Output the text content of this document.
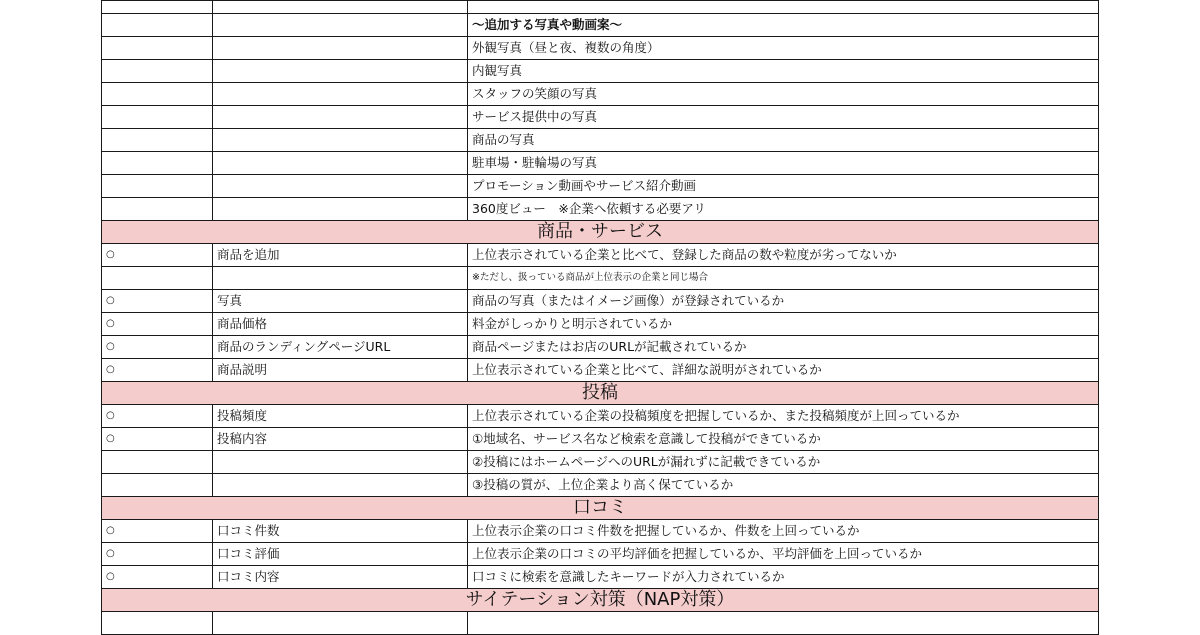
		～追加する写真や動画案～
		外観写真（昼と夜、複数の角度）
		内観写真
		スタッフの笑顔の写真
		サービス提供中の写真
		商品の写真
		駐車場・駐輪場の写真
		プロモーション動画やサービス紹介動画
		360度ビュー　※企業へ依頼する必要アリ
商品・サービス		
○	商品を追加	上位表示されている企業と比べて、登録した商品の数や粒度が劣ってないか
		※ただし、扱っている商品が上位表示の企業と同じ場合
○	写真	商品の写真（またはイメージ画像）が登録されているか
○	商品価格	料金がしっかりと明示されているか
○	商品のランディングページURL	商品ページまたはお店のURLが記載されているか
○	商品説明	上位表示されている企業と比べて、詳細な説明がされているか
投稿		
○	投稿頻度	上位表示されている企業の投稿頻度を把握しているか、また投稿頻度が上回っているか
○	投稿内容	①地域名、サービス名など検索を意識して投稿ができているか
		②投稿にはホームページへのURLが漏れずに記載できているか
		③投稿の質が、上位企業より高く保てているか
口コミ		
○	口コミ件数	上位表示企業の口コミ件数を把握しているか、件数を上回っているか
○	口コミ評価	上位表示企業の口コミの平均評価を把握しているか、平均評価を上回っているか
○	口コミ内容	口コミに検索を意識したキーワードが入力されているか
サイテーション対策（NAP対策）		
